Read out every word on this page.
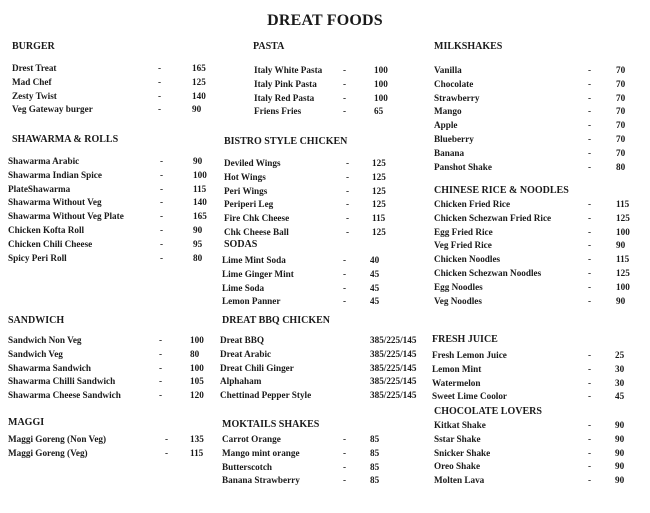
DREAT FOODS
BURGER
Drest Treat	-	165
Mad Chef	-	125
Zesty Twist	-	140
Veg Gateway burger	-	90
SHAWARMA & ROLLS
Shawarma Arabic	-	90
Shawarma Indian Spice	-	100
PlateShawarma	-	115
Shawarma Without Veg	-	140
Shawarma Without Veg Plate	-	165
Chicken Kofta Roll	-	90
Chicken Chili Cheese	-	95
Spicy Peri Roll	-	80
SANDWICH
Sandwich Non Veg	-	100
Sandwich Veg	-	80
Shawarma Sandwich	-	100
Shawarma Chilli Sandwich	-	105
Shawarma Cheese Sandwich	-	120
MAGGI
Maggi Goreng (Non Veg)	- 135
Maggi Goreng (Veg)	- 115
PASTA
Italy White Pasta -	100
Italy Pink Pasta	-	100
Italy Red Pasta	-	100
Friens Fries	-	65
BISTRO STYLE CHICKEN
Deviled Wings	- 125
Hot Wings	- 125
Peri Wings	- 125
Periperi Leg	- 125
Fire Chk Cheese	- 115
Chk Cheese Ball	- 125
SODAS
Lime Mint Soda	-	40
Lime Ginger Mint	-	45
Lime Soda	-	45
Lemon Panner	-	45
DREAT BBQ CHICKEN
Dreat BBQ	385/225/145
Dreat Arabic	385/225/145
Dreat Chili Ginger	385/225/145
Alphaham	385/225/145
Chettinad Pepper Style	385/225/145
MOKTAILS SHAKES
Carrot Orange	-	85
Mango mint orange	-	85
Butterscotch	-	85
Banana Strawberry	-	85
MILKSHAKES
Vanilla	-	70
Chocolate	-	70
Strawberry	-	70
Mango	-	70
Apple	-	70
Blueberry	-	70
Banana	-	70
Panshot Shake	-	80
CHINESE RICE & NOODLES
Chicken Fried Rice	-	115
Chicken Schezwan Fried Rice	-	125
Egg Fried Rice	-	100
Veg Fried Rice	-	90
Chicken Noodles	-	115
Chicken Schezwan Noodles	-	125
Egg Noodles	-	100
Veg Noodles	-	90
FRESH JUICE
Fresh Lemon Juice	-	25
Lemon Mint	-	30
Watermelon	-	30
Sweet Lime Coolor	-	45
CHOCOLATE LOVERS
Kitkat Shake	-	90
Sstar Shake	-	90
Snicker Shake	-	90
Oreo Shake	-	90
Molten Lava	-	90
